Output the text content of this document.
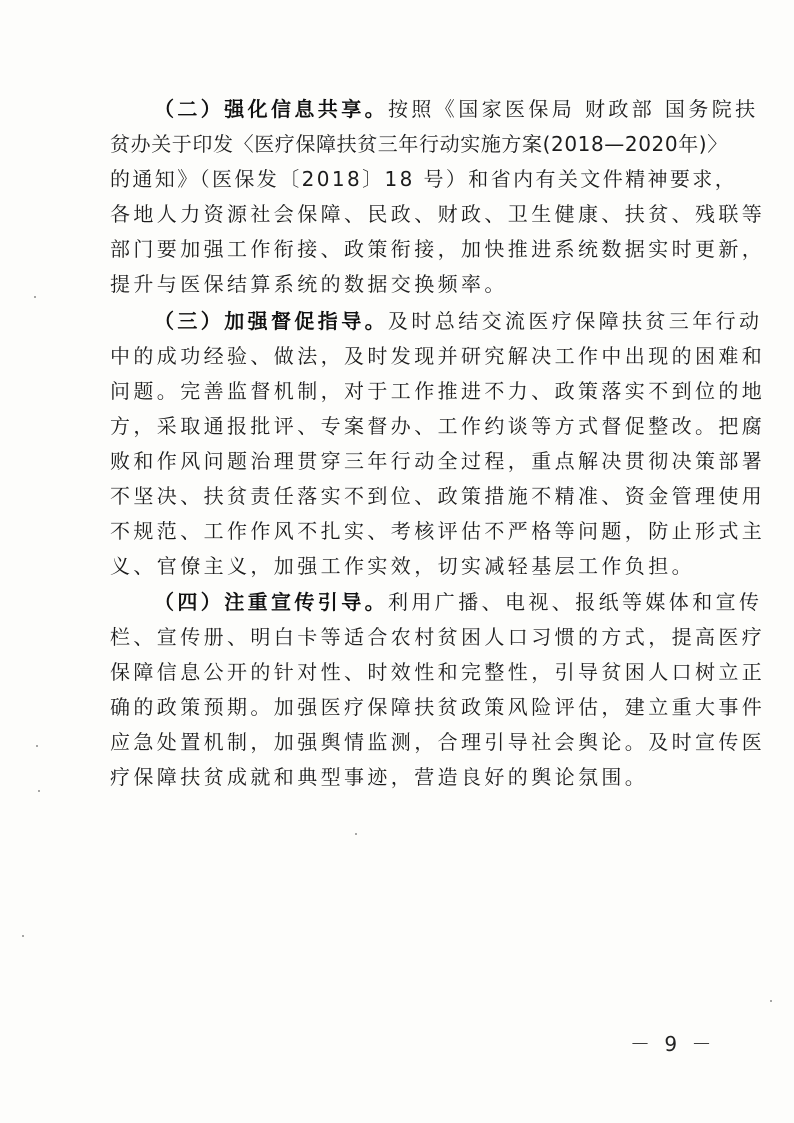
（二）强化信息共享。按照《国家医保局 财政部 国务院扶
贫办关于印发〈医疗保障扶贫三年行动实施方案(2018—2020年)〉
的通知》（医保发〔2018〕18 号）和省内有关文件精神要求，
各地人力资源社会保障、民政、财政、卫生健康、扶贫、残联等
部门要加强工作衔接、政策衔接，加快推进系统数据实时更新，
提升与医保结算系统的数据交换频率。
（三）加强督促指导。及时总结交流医疗保障扶贫三年行动
中的成功经验、做法，及时发现并研究解决工作中出现的困难和
问题。完善监督机制，对于工作推进不力、政策落实不到位的地
方，采取通报批评、专案督办、工作约谈等方式督促整改。把腐
败和作风问题治理贯穿三年行动全过程，重点解决贯彻决策部署
不坚决、扶贫责任落实不到位、政策措施不精准、资金管理使用
不规范、工作作风不扎实、考核评估不严格等问题，防止形式主
义、官僚主义，加强工作实效，切实减轻基层工作负担。
（四）注重宣传引导。利用广播、电视、报纸等媒体和宣传
栏、宣传册、明白卡等适合农村贫困人口习惯的方式，提高医疗
保障信息公开的针对性、时效性和完整性，引导贫困人口树立正
确的政策预期。加强医疗保障扶贫政策风险评估，建立重大事件
应急处置机制，加强舆情监测，合理引导社会舆论。及时宣传医
疗保障扶贫成就和典型事迹，营造良好的舆论氛围。
－ 9 －
